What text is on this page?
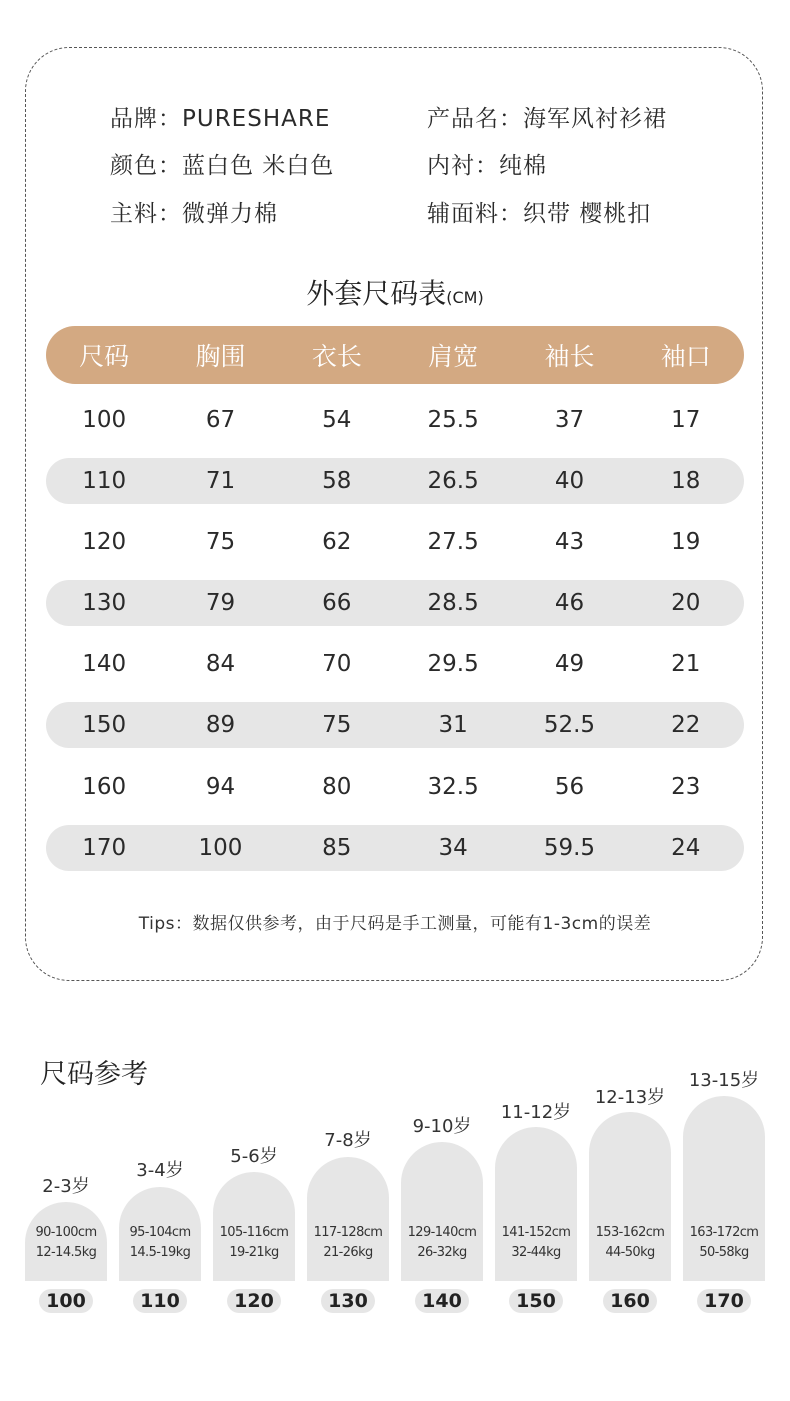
品牌：PURESHARE	产品名：海军风衬衫裙
颜色：蓝白色 米白色	内衬：纯棉
主料：微弹力棉	辅面料：织带 樱桃扣
外套尺码表(CM)
尺码	胸围	衣长	肩宽	袖长	袖口
100	67	54	25.5	37	17
110	71	58	26.5	40	18
120	75	62	27.5	43	19
130	79	66	28.5	46	20
140	84	70	29.5	49	21
150	89	75	31	52.5	22
160	94	80	32.5	56	23
170	100	85	34	59.5	24
Tips：数据仅供参考，由于尺码是手工测量，可能有1-3cm的误差
尺码参考
2-3岁
90-100cm
12-14.5kg
100
3-4岁
95-104cm
14.5-19kg
110
5-6岁
105-116cm
19-21kg
120
7-8岁
117-128cm
21-26kg
130
9-10岁
129-140cm
26-32kg
140
11-12岁
141-152cm
32-44kg
150
12-13岁
153-162cm
44-50kg
160
13-15岁
163-172cm
50-58kg
170
